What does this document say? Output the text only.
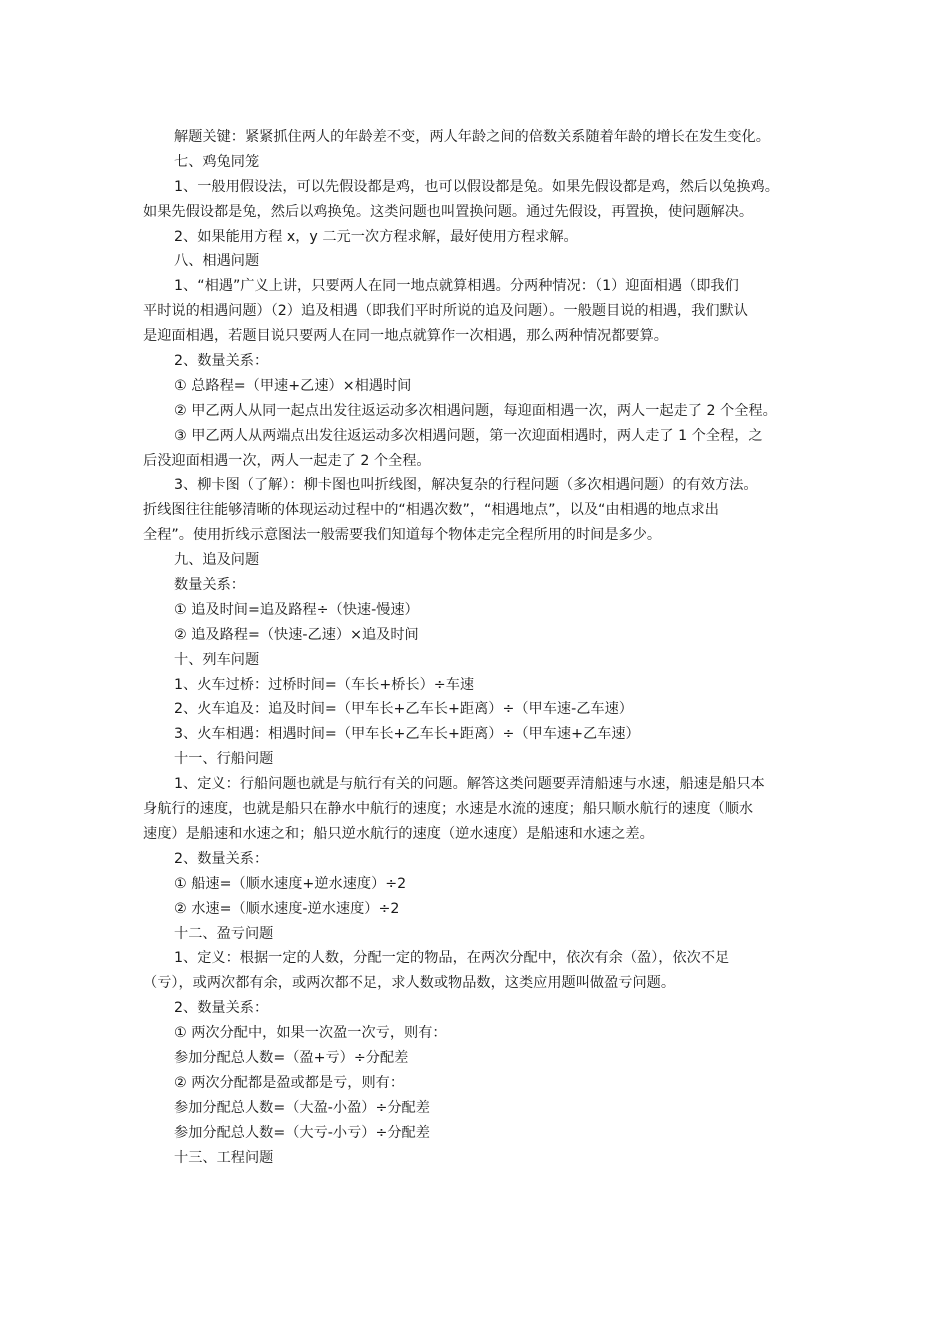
解题关键：紧紧抓住两人的年龄差不变，两人年龄之间的倍数关系随着年龄的增长在发生变化。
七、鸡兔同笼
1、一般用假设法，可以先假设都是鸡，也可以假设都是兔。如果先假设都是鸡，然后以兔换鸡。
如果先假设都是兔，然后以鸡换兔。这类问题也叫置换问题。通过先假设，再置换，使问题解决。
2、如果能用方程 x，y 二元一次方程求解，最好使用方程求解。
八、相遇问题
1、“相遇”广义上讲，只要两人在同一地点就算相遇。分两种情况：（1）迎面相遇（即我们
平时说的相遇问题）（2）追及相遇（即我们平时所说的追及问题）。一般题目说的相遇，我们默认
是迎面相遇，若题目说只要两人在同一地点就算作一次相遇，那么两种情况都要算。
2、数量关系：
① 总路程=（甲速+乙速）×相遇时间
② 甲乙两人从同一起点出发往返运动多次相遇问题，每迎面相遇一次，两人一起走了 2 个全程。
③ 甲乙两人从两端点出发往返运动多次相遇问题，第一次迎面相遇时，两人走了 1 个全程，之
后没迎面相遇一次，两人一起走了 2 个全程。
3、柳卡图（了解）：柳卡图也叫折线图，解决复杂的行程问题（多次相遇问题）的有效方法。
折线图往往能够清晰的体现运动过程中的“相遇次数”，“相遇地点”，以及“由相遇的地点求出
全程”。使用折线示意图法一般需要我们知道每个物体走完全程所用的时间是多少。
九、追及问题
数量关系：
① 追及时间=追及路程÷（快速-慢速）
② 追及路程=（快速-乙速）×追及时间
十、列车问题
1、火车过桥：过桥时间=（车长+桥长）÷车速
2、火车追及：追及时间=（甲车长+乙车长+距离）÷（甲车速-乙车速）
3、火车相遇：相遇时间=（甲车长+乙车长+距离）÷（甲车速+乙车速）
十一、行船问题
1、定义：行船问题也就是与航行有关的问题。解答这类问题要弄清船速与水速，船速是船只本
身航行的速度，也就是船只在静水中航行的速度；水速是水流的速度；船只顺水航行的速度（顺水
速度）是船速和水速之和；船只逆水航行的速度（逆水速度）是船速和水速之差。
2、数量关系：
① 船速=（顺水速度+逆水速度）÷2
② 水速=（顺水速度-逆水速度）÷2
十二、盈亏问题
1、定义：根据一定的人数，分配一定的物品，在两次分配中，依次有余（盈），依次不足
（亏），或两次都有余，或两次都不足，求人数或物品数，这类应用题叫做盈亏问题。
2、数量关系：
① 两次分配中，如果一次盈一次亏，则有：
参加分配总人数=（盈+亏）÷分配差
② 两次分配都是盈或都是亏，则有：
参加分配总人数=（大盈-小盈）÷分配差
参加分配总人数=（大亏-小亏）÷分配差
十三、工程问题
